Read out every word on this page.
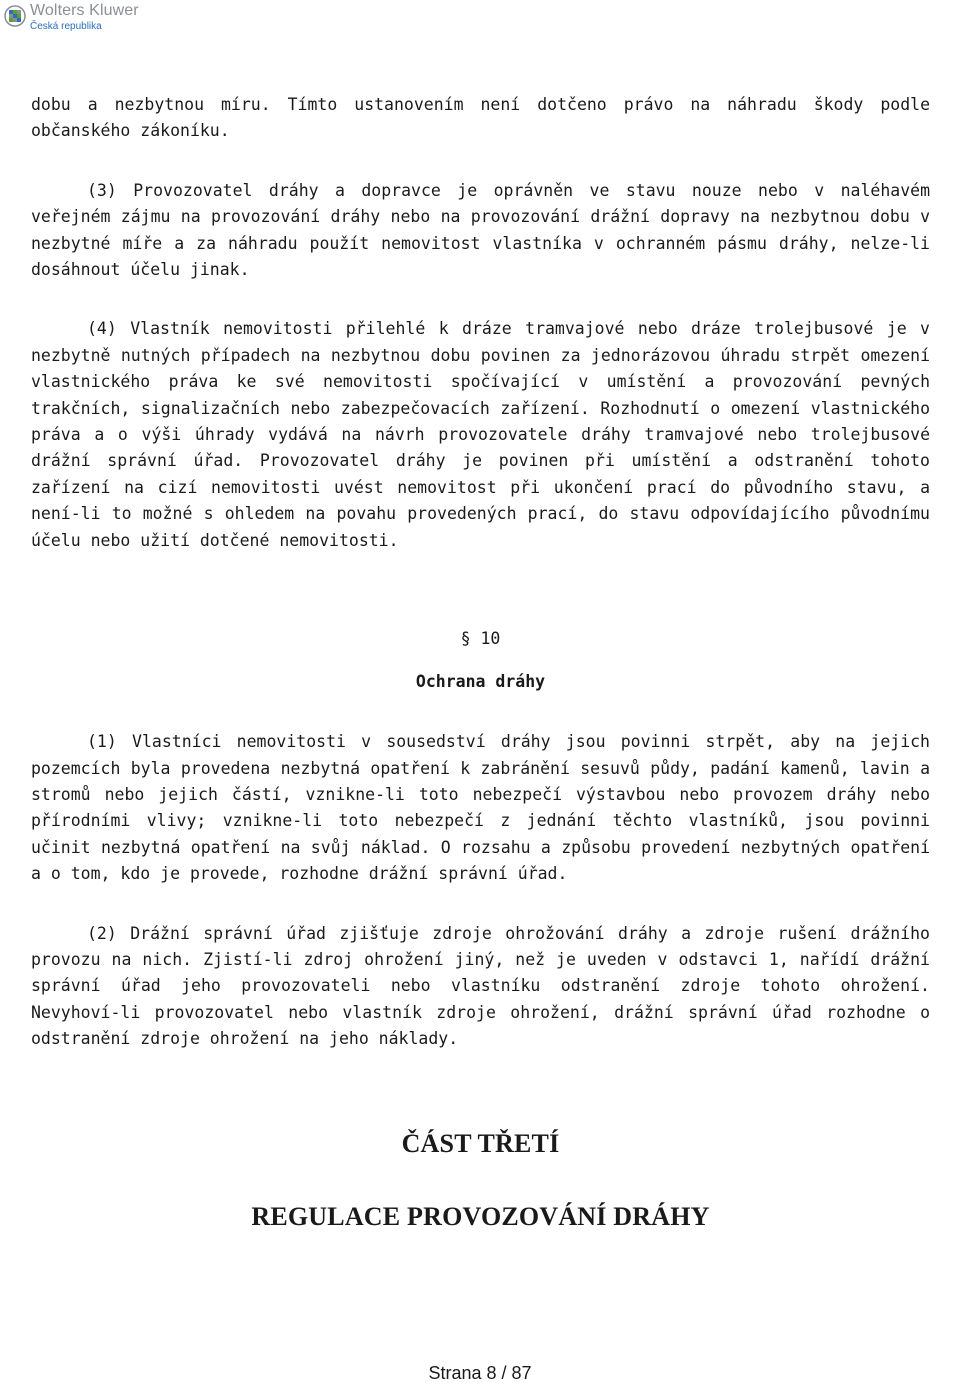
Wolters Kluwer
Česká republika

dobu a nezbytnou míru. Tímto ustanovením není dotčeno právo na náhradu škody podle občanského zákoníku.

(3) Provozovatel dráhy a dopravce je oprávněn ve stavu nouze nebo v naléhavém veřejném zájmu na provozování dráhy nebo na provozování drážní dopravy na nezbytnou dobu v nezbytné míře a za náhradu použít nemovitost vlastníka v ochranném pásmu dráhy, nelze-li dosáhnout účelu jinak.

(4) Vlastník nemovitosti přilehlé k dráze tramvajové nebo dráze trolejbusové je v nezbytně nutných případech na nezbytnou dobu povinen za jednorázovou úhradu strpět omezení vlastnického práva ke své nemovitosti spočívající v umístění a provozování pevných trakčních, signalizačních nebo zabezpečovacích zařízení. Rozhodnutí o omezení vlastnického práva a o výši úhrady vydává na návrh provozovatele dráhy tramvajové nebo trolejbusové drážní správní úřad. Provozovatel dráhy je povinen při umístění a odstranění tohoto zařízení na cizí nemovitosti uvést nemovitost při ukončení prací do původního stavu, a není-li to možné s ohledem na povahu provedených prací, do stavu odpovídajícího původnímu účelu nebo užití dotčené nemovitosti.

§ 10
Ochrana dráhy

(1) Vlastníci nemovitosti v sousedství dráhy jsou povinni strpět, aby na jejich pozemcích byla provedena nezbytná opatření k zabránění sesuvů půdy, padání kamenů, lavin a stromů nebo jejich částí, vznikne-li toto nebezpečí výstavbou nebo provozem dráhy nebo přírodními vlivy; vznikne-li toto nebezpečí z jednání těchto vlastníků, jsou povinni učinit nezbytná opatření na svůj náklad. O rozsahu a způsobu provedení nezbytných opatření a o tom, kdo je provede, rozhodne drážní správní úřad.

(2) Drážní správní úřad zjišťuje zdroje ohrožování dráhy a zdroje rušení drážního provozu na nich. Zjistí-li zdroj ohrožení jiný, než je uveden v odstavci 1, nařídí drážní správní úřad jeho provozovateli nebo vlastníku odstranění zdroje tohoto ohrožení. Nevyhoví-li provozovatel nebo vlastník zdroje ohrožení, drážní správní úřad rozhodne o odstranění zdroje ohrožení na jeho náklady.

ČÁST TŘETÍ
REGULACE PROVOZOVÁNÍ DRÁHY
Strana 8 / 87
